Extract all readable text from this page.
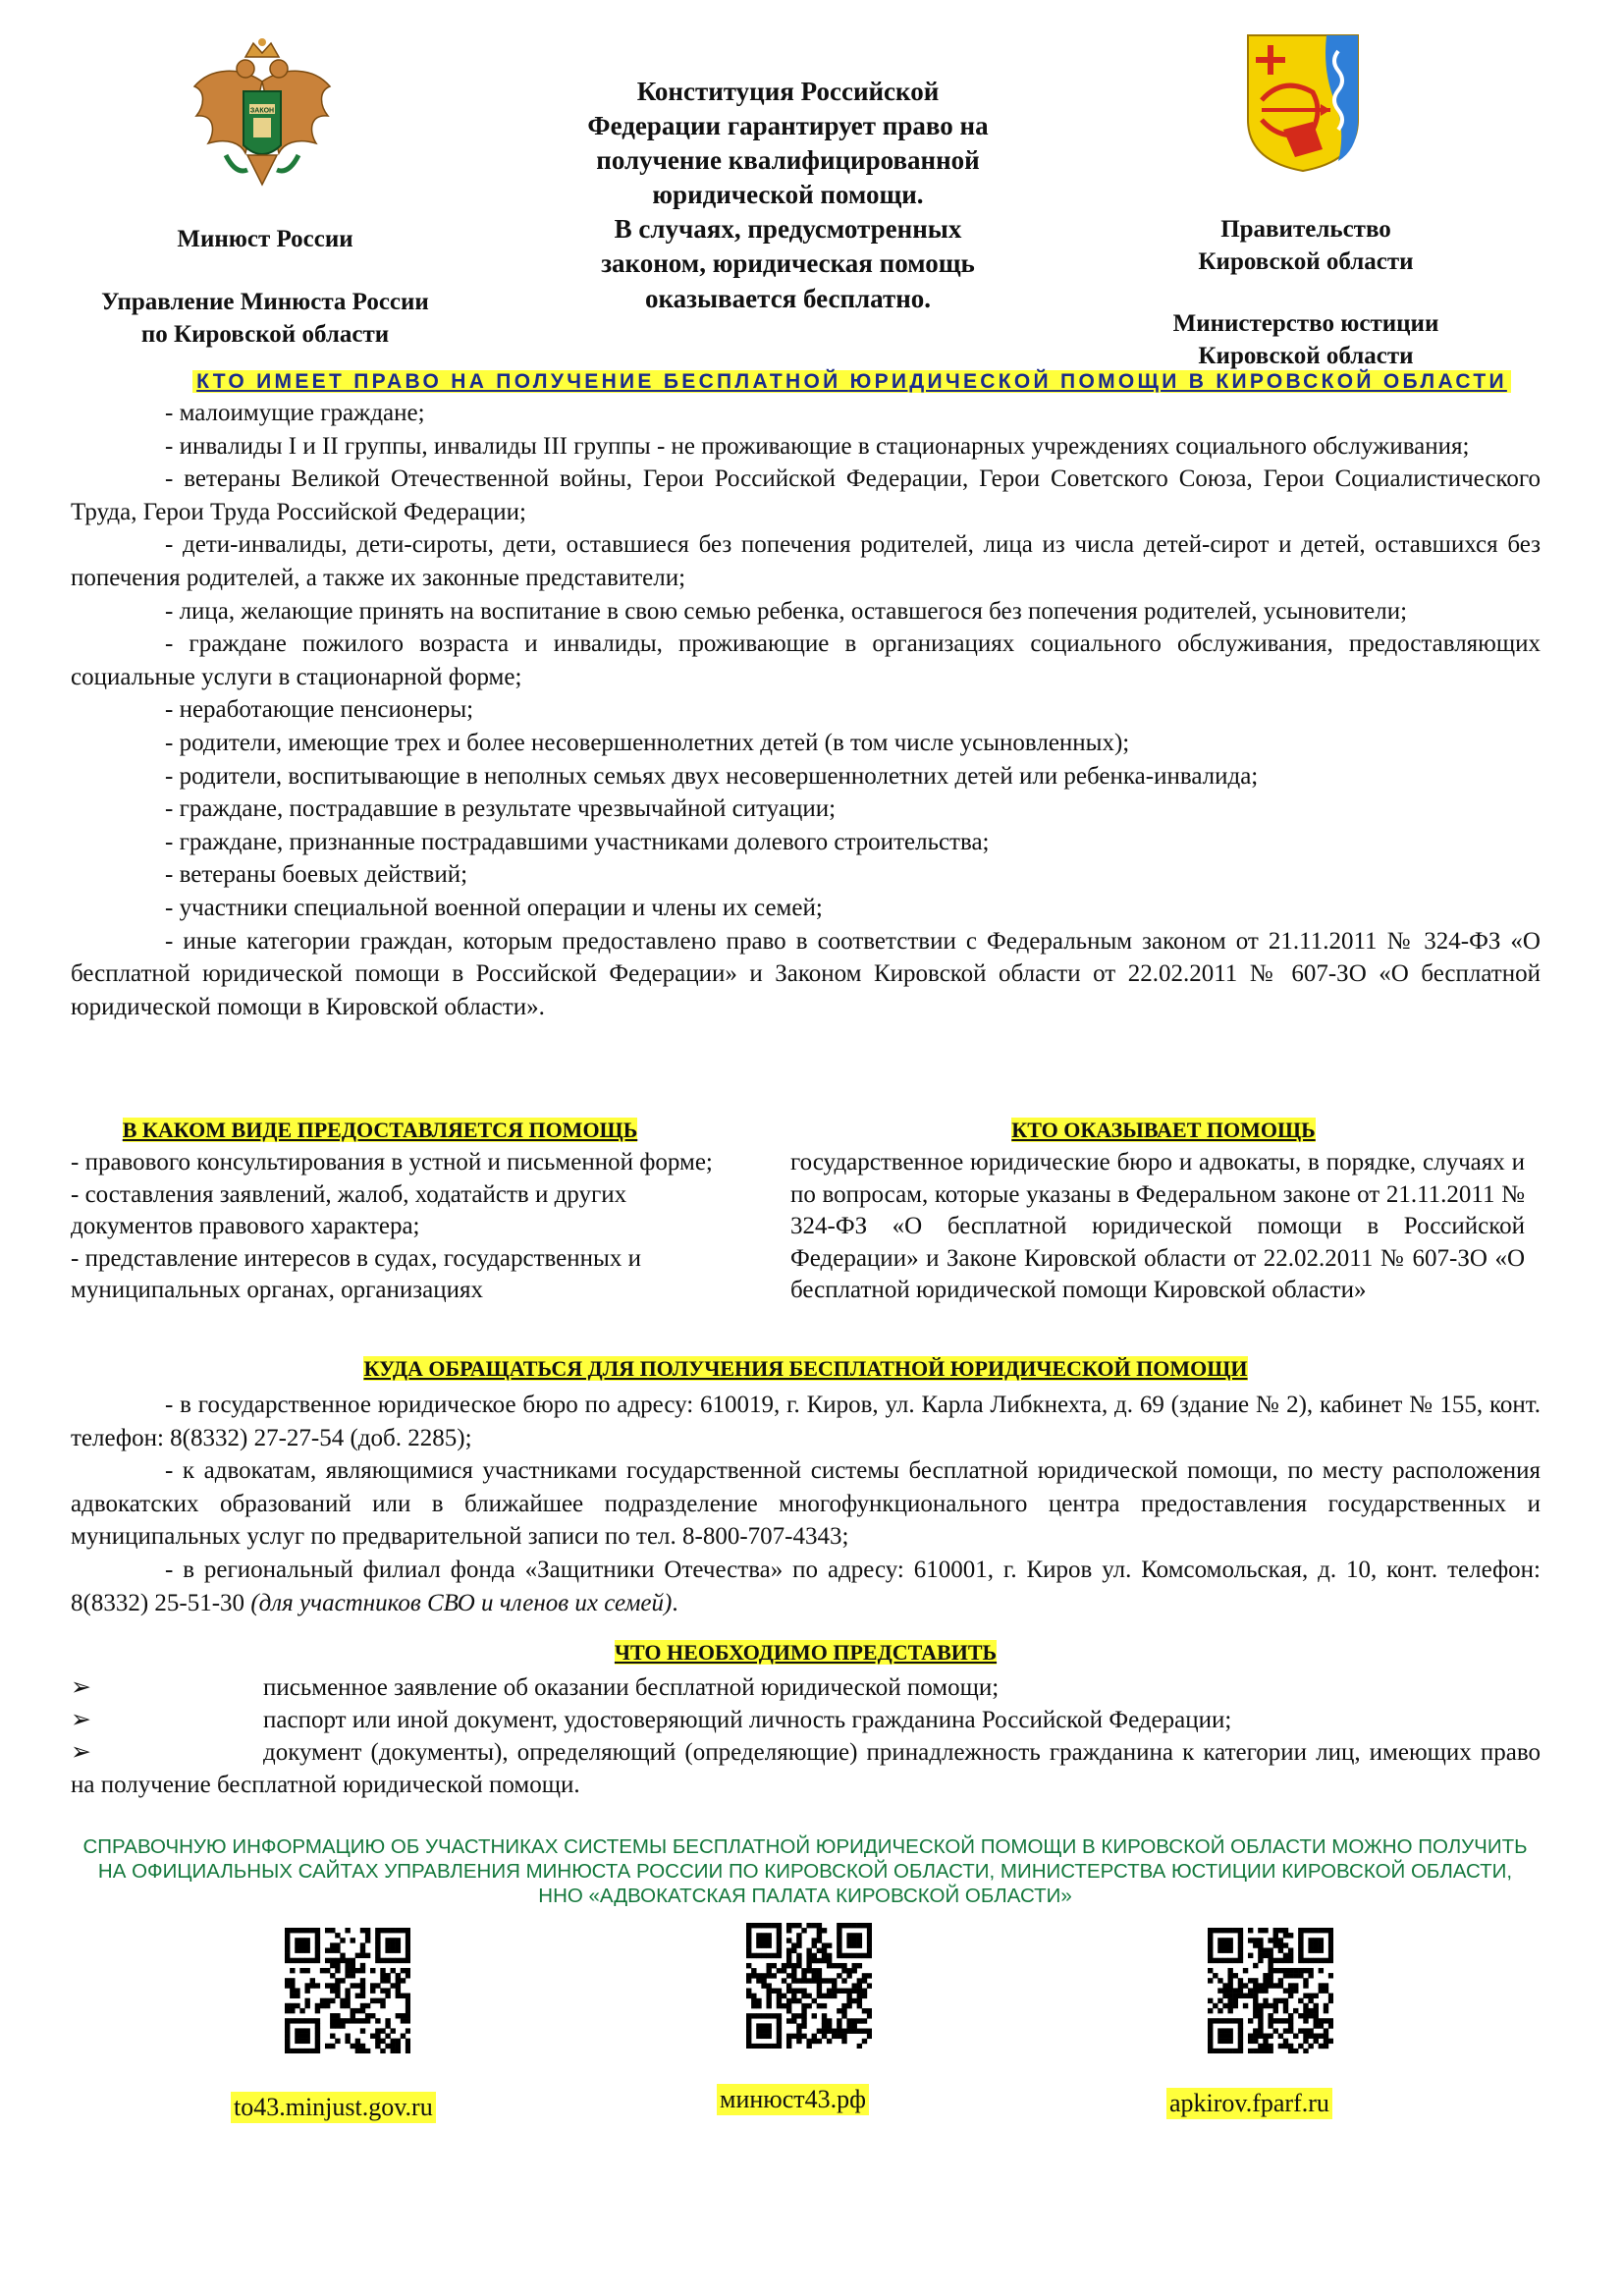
ЗАКОН
Минюст России
Управление Минюста России
по Кировской области
Конституция Российской
Федерации гарантирует право на
получение квалифицированной
юридической помощи.
В случаях, предусмотренных
законом, юридическая помощь
оказывается бесплатно.
Правительство
Кировской области
Министерство юстиции
Кировской области
КТО ИМЕЕТ ПРАВО НА ПОЛУЧЕНИЕ БЕСПЛАТНОЙ ЮРИДИЧЕСКОЙ ПОМОЩИ В КИРОВСКОЙ ОБЛАСТИ

- малоимущие граждане;

- инвалиды I и II группы, инвалиды III группы - не проживающие в стационарных учреждениях социального обслуживания;

- ветераны Великой Отечественной войны, Герои Российской Федерации, Герои Советского Союза, Герои Социалистического Труда, Герои Труда Российской Федерации;

- дети-инвалиды, дети-сироты, дети, оставшиеся без попечения родителей, лица из числа детей-сирот и детей, оставшихся без попечения родителей, а также их законные представители;

- лица, желающие принять на воспитание в свою семью ребенка, оставшегося без попечения родителей, усыновители;

- граждане пожилого возраста и инвалиды, проживающие в организациях социального обслуживания, предоставляющих социальные услуги в стационарной форме;

- неработающие пенсионеры;

- родители, имеющие трех и более несовершеннолетних детей (в том числе усыновленных);

- родители, воспитывающие в неполных семьях двух несовершеннолетних детей или ребенка-инвалида;

- граждане, пострадавшие в результате чрезвычайной ситуации;

- граждане, признанные пострадавшими участниками долевого строительства;

- ветераны боевых действий;

- участники специальной военной операции и члены их семей;

- иные категории граждан, которым предоставлено право в соответствии с Федеральным законом от 21.11.2011 № 324-ФЗ «О бесплатной юридической помощи в Российской Федерации» и Законом Кировской области от 22.02.2011 № 607-ЗО «О бесплатной юридической помощи в Кировской области».

В КАКОМ ВИДЕ ПРЕДОСТАВЛЯЕТСЯ ПОМОЩЬ

- правового консультирования в устной и письменной форме;

- составления заявлений, жалоб, ходатайств и других документов правового характера;

- представление интересов в судах, государственных и муниципальных органах, организациях

КТО ОКАЗЫВАЕТ ПОМОЩЬ

государственное юридические бюро и адвокаты, в порядке, случаях и по вопросам, которые указаны в Федеральном законе от 21.11.2011 № 324-ФЗ «О бесплатной юридической помощи в Российской Федерации» и Законе Кировской области от 22.02.2011 № 607-ЗО «О бесплатной юридической помощи Кировской области»

КУДА ОБРАЩАТЬСЯ ДЛЯ ПОЛУЧЕНИЯ БЕСПЛАТНОЙ ЮРИДИЧЕСКОЙ ПОМОЩИ

- в государственное юридическое бюро по адресу: 610019, г. Киров, ул. Карла Либкнехта, д. 69 (здание № 2), кабинет № 155, конт. телефон: 8(8332) 27-27-54 (доб. 2285);

- к адвокатам, являющимися участниками государственной системы бесплатной юридической помощи, по месту расположения адвокатских образований или в ближайшее подразделение многофункционального центра предоставления государственных и муниципальных услуг по предварительной записи по тел. 8-800-707-4343;

- в региональный филиал фонда «Защитники Отечества» по адресу: 610001, г. Киров ул. Комсомольская, д. 10, конт. телефон: 8(8332) 25-51-30 (для участников СВО и членов их семей).

ЧТО НЕОБХОДИМО ПРЕДСТАВИТЬ
➢	письменное заявление об оказании бесплатной юридической помощи;
➢	паспорт или иной документ, удостоверяющий личность гражданина Российской Федерации;
➢	документ (документы), определяющий (определяющие) принадлежность гражданина к категории лиц, имеющих право на получение бесплатной юридической помощи.
СПРАВОЧНУЮ ИНФОРМАЦИЮ ОБ УЧАСТНИКАХ СИСТЕМЫ БЕСПЛАТНОЙ ЮРИДИЧЕСКОЙ ПОМОЩИ В КИРОВСКОЙ ОБЛАСТИ МОЖНО ПОЛУЧИТЬ НА ОФИЦИАЛЬНЫХ САЙТАХ УПРАВЛЕНИЯ МИНЮСТА РОССИИ ПО КИРОВСКОЙ ОБЛАСТИ, МИНИСТЕРСТВА ЮСТИЦИИ КИРОВСКОЙ ОБЛАСТИ, ННО «АДВОКАТСКАЯ ПАЛАТА КИРОВСКОЙ ОБЛАСТИ»
to43.minjust.gov.ru	минюст43.рф	apkirov.fparf.ru
